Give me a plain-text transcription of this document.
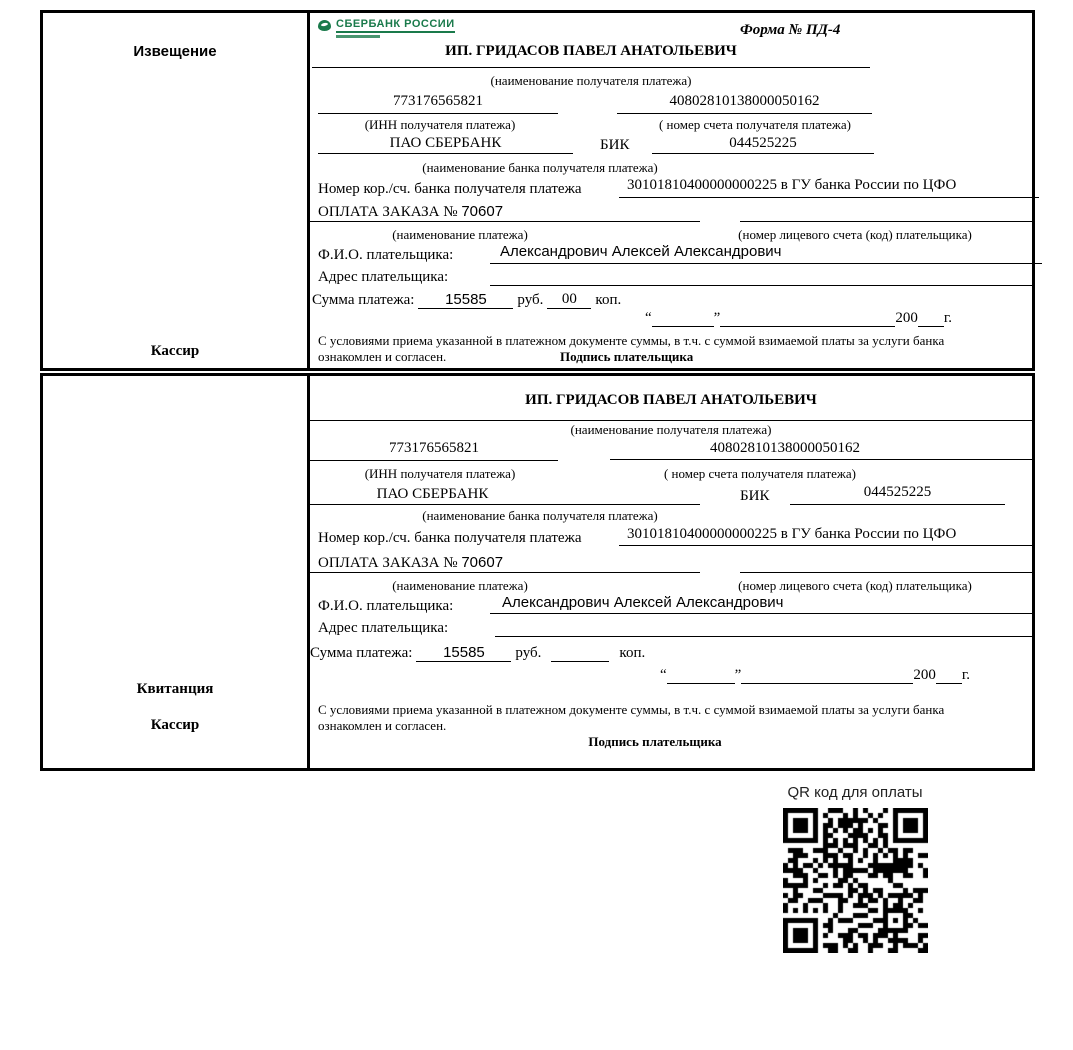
Извещение
Кассир
СБЕРБАНК РОССИИ	Форма № ПД-4
ИП. ГРИДАСОВ ПАВЕЛ АНАТОЛЬЕВИЧ
(наименование получателя платежа)
773176565821	40802810138000050162
(ИНН получателя платежа)	( номер счета получателя платежа)
ПАО СБЕРБАНК	БИК	044525225
(наименование банка получателя платежа)
Номер кор./сч. банка получателя платежа	30101810400000000225 в ГУ банка России по ЦФО
ОПЛАТА ЗАКАЗА № 70607
(наименование платежа)	(номер лицевого счета (код) плательщика)
Ф.И.О. плательщика:	Александрович Алексей Александрович
Адрес плательщика:
Сумма платежа:	15585	руб.	00	коп.
“	”	200 г.
С условиями приема указанной в платежном документе суммы, в т.ч. с суммой взимаемой платы за услуги банка
ознакомлен и согласен.	Подпись плательщика
Квитанция
Кассир
ИП. ГРИДАСОВ ПАВЕЛ АНАТОЛЬЕВИЧ
(наименование получателя платежа)
773176565821	40802810138000050162
(ИНН получателя платежа)	( номер счета получателя платежа)
ПАО СБЕРБАНК	БИК	044525225
(наименование банка получателя платежа)
Номер кор./сч. банка получателя платежа	30101810400000000225 в ГУ банка России по ЦФО
ОПЛАТА ЗАКАЗА № 70607
(наименование платежа)	(номер лицевого счета (код) плательщика)
Ф.И.О. плательщика:	Александрович Алексей Александрович
Адрес плательщика:
Сумма платежа:	15585	руб.	коп.
“	”	200 г.
С условиями приема указанной в платежном документе суммы, в т.ч. с суммой взимаемой платы за услуги банка
ознакомлен и согласен.
Подпись плательщика
QR код для оплаты
